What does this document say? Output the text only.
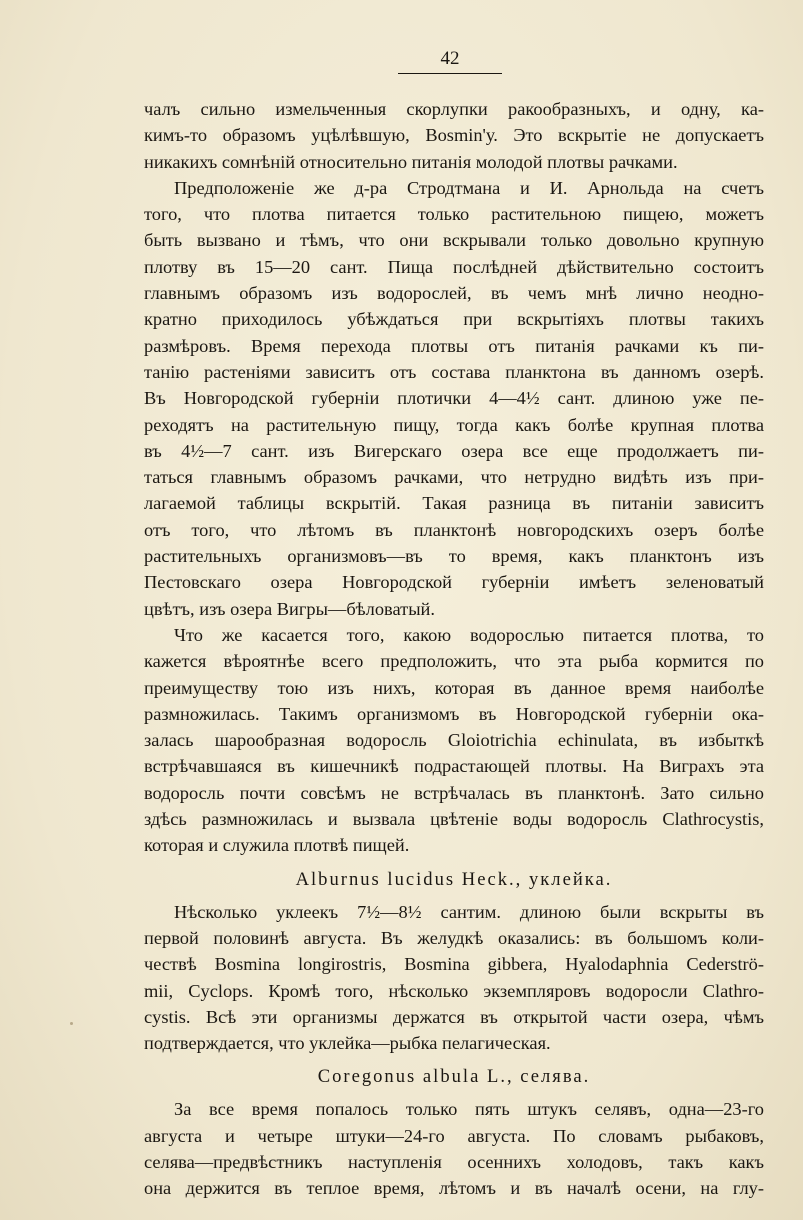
42
чалъ сильно измельченныя скорлупки ракообразныхъ, и одну, ка-
кимъ-то образомъ уцѣлѣвшую, Bosmin'у. Это вскрытіе не допускаетъ
никакихъ сомнѣній относительно питанія молодой плотвы рачками.
Предположеніе же д-ра Стродтмана и И. Арнольда на счетъ
того, что плотва питается только растительною пищею, можетъ
быть вызвано и тѣмъ, что они вскрывали только довольно крупную
плотву въ 15—20 сант. Пища послѣдней дѣйствительно состоитъ
главнымъ образомъ изъ водорослей, въ чемъ мнѣ лично неодно-
кратно приходилось убѣждаться при вскрытіяхъ плотвы такихъ
размѣровъ. Время перехода плотвы отъ питанія рачками къ пи-
танію растеніями зависитъ отъ состава планктона въ данномъ озерѣ.
Въ Новгородской губерніи плотички 4—4½ сант. длиною уже пе-
реходятъ на растительную пищу, тогда какъ болѣе крупная плотва
въ 4½—7 сант. изъ Вигерскаго озера все еще продолжаетъ пи-
таться главнымъ образомъ рачками, что нетрудно видѣть изъ при-
лагаемой таблицы вскрытій. Такая разница въ питаніи зависитъ
отъ того, что лѣтомъ въ планктонѣ новгородскихъ озеръ болѣе
растительныхъ организмовъ—въ то время, какъ планктонъ изъ
Пестовскаго озера Новгородской губерніи имѣетъ зеленоватый
цвѣтъ, изъ озера Вигры—бѣловатый.
Что же касается того, какою водорослью питается плотва, то
кажется вѣроятнѣе всего предположить, что эта рыба кормится по
преимуществу тою изъ нихъ, которая въ данное время наиболѣе
размножилась. Такимъ организмомъ въ Новгородской губерніи ока-
залась шарообразная водоросль Gloiotrichia echinulata, въ избыткѣ
встрѣчавшаяся въ кишечникѣ подрастающей плотвы. На Виграхъ эта
водоросль почти совсѣмъ не встрѣчалась въ планктонѣ. Зато сильно
здѣсь размножилась и вызвала цвѣтеніе воды водоросль Clathrocystis,
которая и служила плотвѣ пищей.
Alburnus lucidus Heck., уклейка.
Нѣсколько уклеекъ 7½—8½ сантим. длиною были вскрыты въ
первой половинѣ августа. Въ желудкѣ оказались: въ большомъ коли-
чествѣ Bosmina longirostris, Bosmina gibbera, Hyalodaphnia Cederströ-
mii, Cyclops. Кромѣ того, нѣсколько экземпляровъ водоросли Clathro-
cystis. Всѣ эти организмы держатся въ открытой части озера, чѣмъ
подтверждается, что уклейка—рыбка пелагическая.
Coregonus albula L., селява.
За все время попалось только пять штукъ селявъ, одна—23-го
августа и четыре штуки—24-го августа. По словамъ рыбаковъ,
селява—предвѣстникъ наступленія осеннихъ холодовъ, такъ какъ
она держится въ теплое время, лѣтомъ и въ началѣ осени, на глу-
